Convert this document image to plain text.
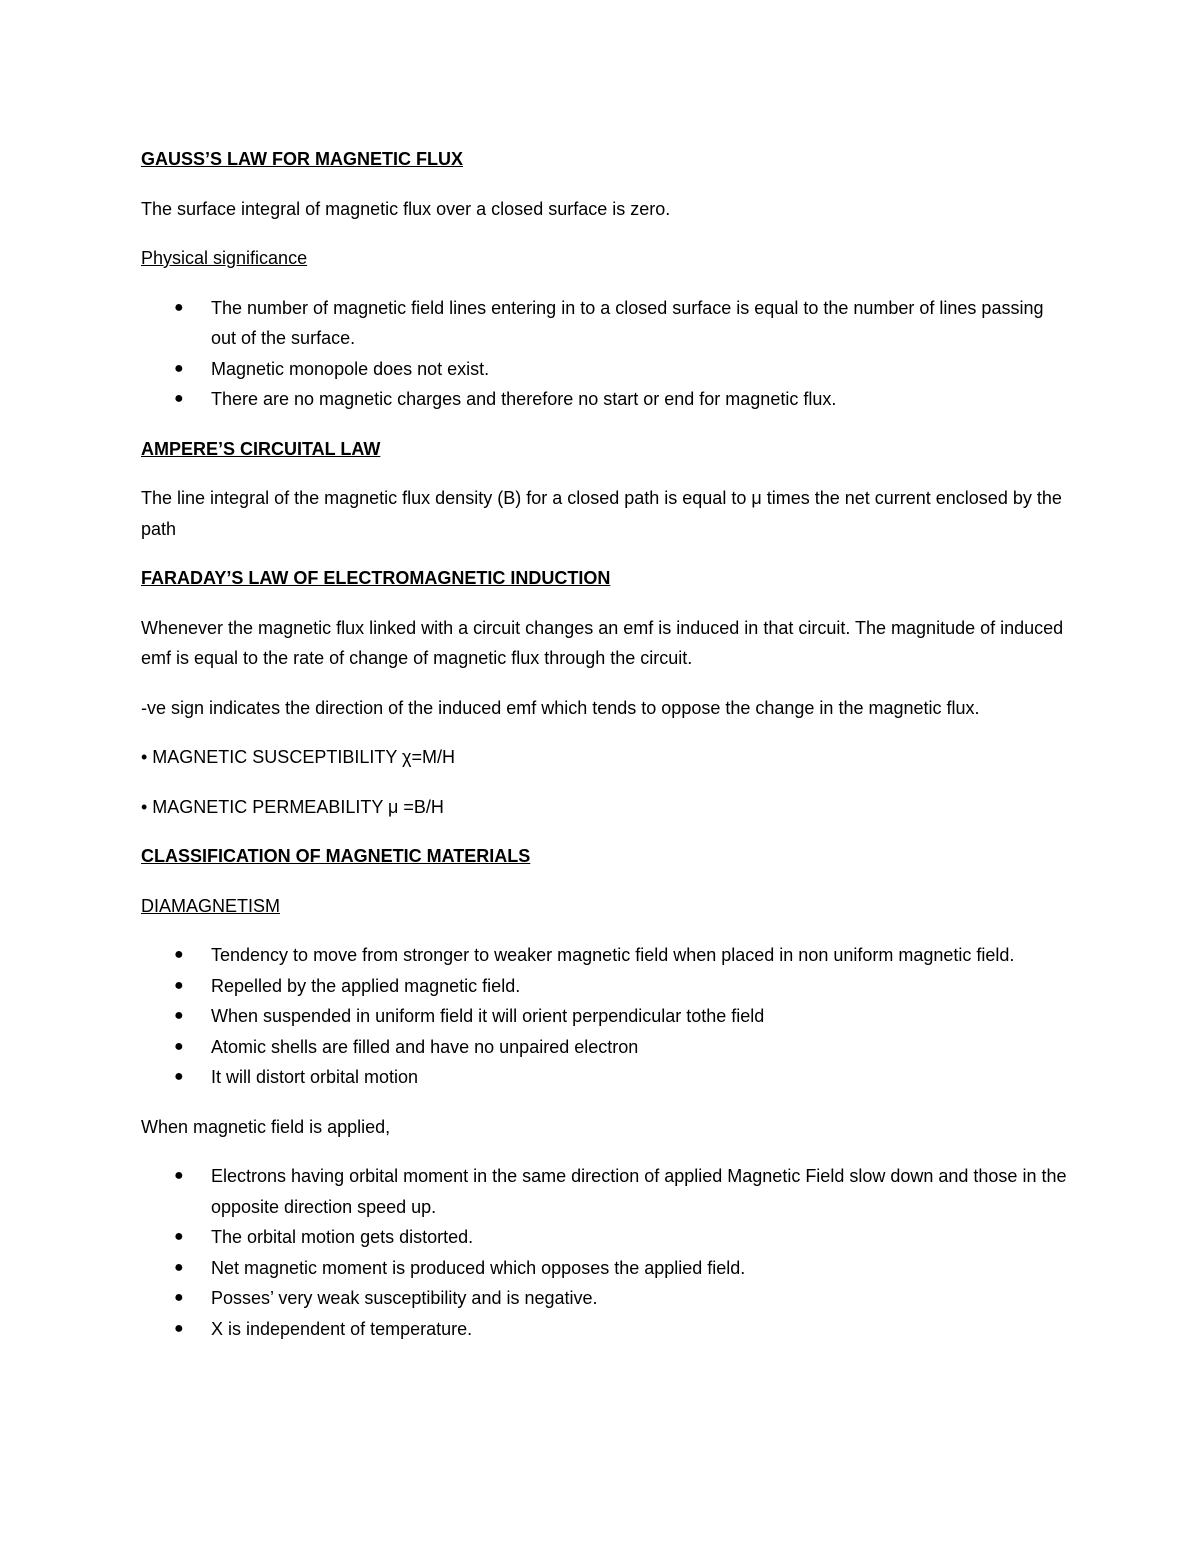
GAUSS’S LAW FOR MAGNETIC FLUX
The surface integral of magnetic flux over a closed surface is zero.
Physical significance
● The number of magnetic field lines entering in to a closed surface is equal to the number of lines passing out of the surface.
● Magnetic monopole does not exist.
● There are no magnetic charges and therefore no start or end for magnetic flux.
AMPERE’S CIRCUITAL LAW
The line integral of the magnetic flux density (B) for a closed path is equal to μ times the net current enclosed by the path
FARADAY’S LAW OF ELECTROMAGNETIC INDUCTION
Whenever the magnetic flux linked with a circuit changes an emf is induced in that circuit. The magnitude of induced emf is equal to the rate of change of magnetic flux through the circuit.
-ve sign indicates the direction of the induced emf which tends to oppose the change in the magnetic flux.
• MAGNETIC SUSCEPTIBILITY χ=M/H
• MAGNETIC PERMEABILITY μ =B/H
CLASSIFICATION OF MAGNETIC MATERIALS
DIAMAGNETISM
● Tendency to move from stronger to weaker magnetic field when placed in non uniform magnetic field.
● Repelled by the applied magnetic field.
● When suspended in uniform field it will orient perpendicular tothe field
● Atomic shells are filled and have no unpaired electron
● It will distort orbital motion
When magnetic field is applied,
● Electrons having orbital moment in the same direction of applied Magnetic Field slow down and those in the opposite direction speed up.
● The orbital motion gets distorted.
● Net magnetic moment is produced which opposes the applied field.
● Posses’ very weak susceptibility and is negative.
● X is independent of temperature.
